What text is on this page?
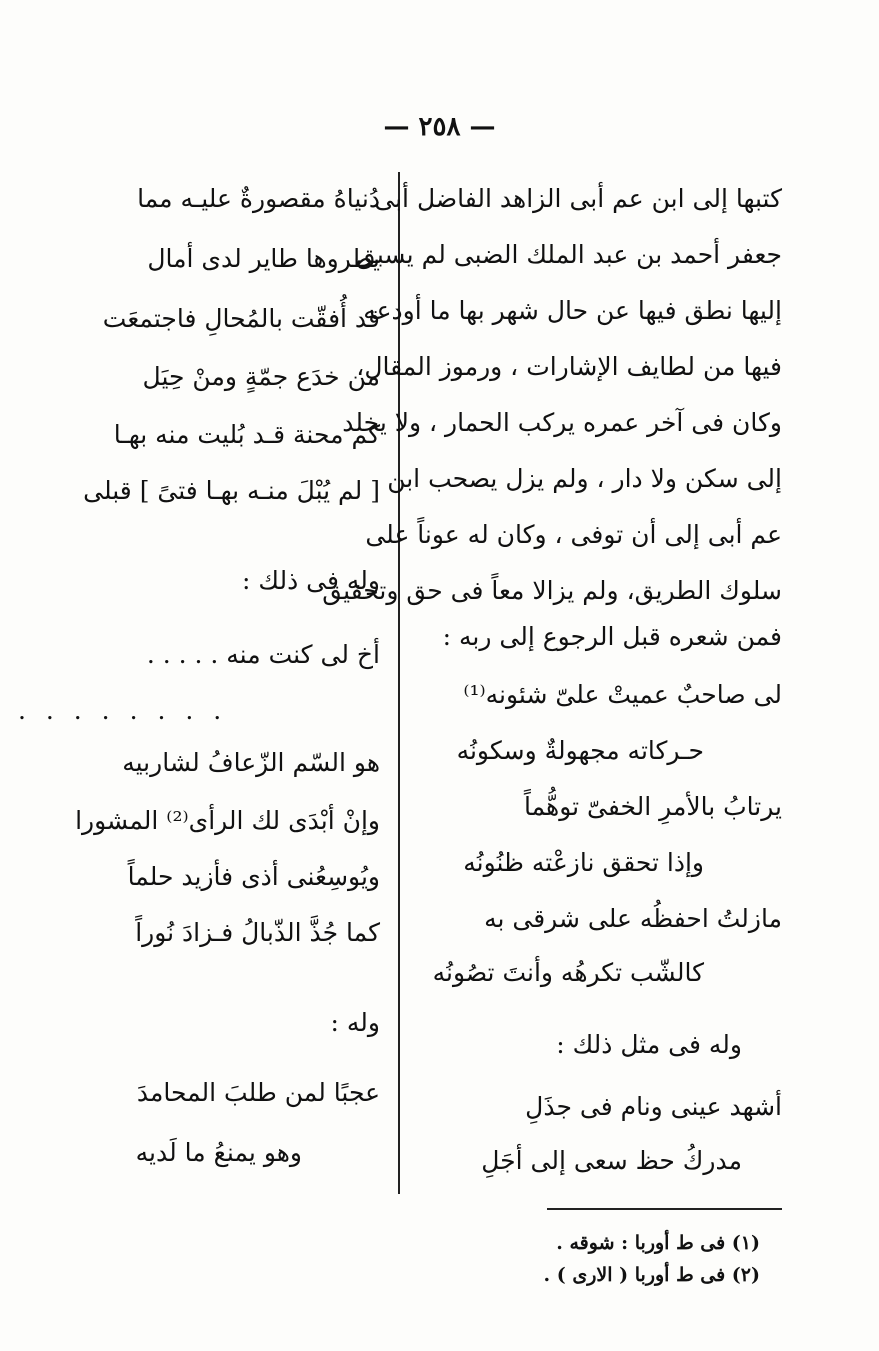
— ٢٥٨ —
كتبها إلى ابن عم أبى الزاهد الفاضل أبى
جعفر أحمد بن عبد الملك الضبى لم يسبق
إليها نطق فيها عن حال شهر بها ما أودعه
فيها من لطايف الإشارات ، ورموز المقال،
وكان فى آخر عمره يركب الحمار ، ولا يخلد
إلى سكن ولا دار ، ولم يزل يصحب ابن
عم أبى إلى أن توفى ، وكان له عوناً على
سلوك الطريق، ولم يزالا معاً فى حق وتحقيق
فمن شعره قبل الرجوع إلى ربه :
لى صاحبٌ عميتْ علىّ شئونه⁽¹⁾
حـركاته مجهولةٌ وسكونُه
يرتابُ بالأمرِ الخفىّ توهُّماً
وإذا تحقق نازعْته ظنُونُه
مازلتُ احفظُه على شرقى به
كالشّب تكرهُه وأنتَ تصُونُه
وله فى مثل ذلك :
أشهد عينى ونام فى جذَلِ
مدركُ حظ سعى إلى أجَلِ
دُنياهُ مقصورةٌ عليـه مما
يطروها طاير لدى أمال
قد أُفقّت بالمُحالِ فاجتمعَت
من خدَع جمّةٍ ومنْ حِيَل
كم محنة قـد بُليت منه بهـا
[ لم يُبْلَ منـه بهـا فتىً ] قبلى
وله فى ذلك :
أخ لى كنت منه . . . . .
. . . . . . . .
هو السّم الزّعافُ لشاربيه
وإنْ أبْدَى لك الرأى⁽²⁾ المشورا
ويُوسِعُنى أذى فأزيد حلماً
كما جُذَّ الذّبالُ فـزادَ نُوراً
وله :
عجبًا لمن طلبَ المحامدَ
وهو يمنعُ ما لَديه
(١) فى ط أوربا : شوقه .
(٢) فى ط أوربا ( الارى ) .
